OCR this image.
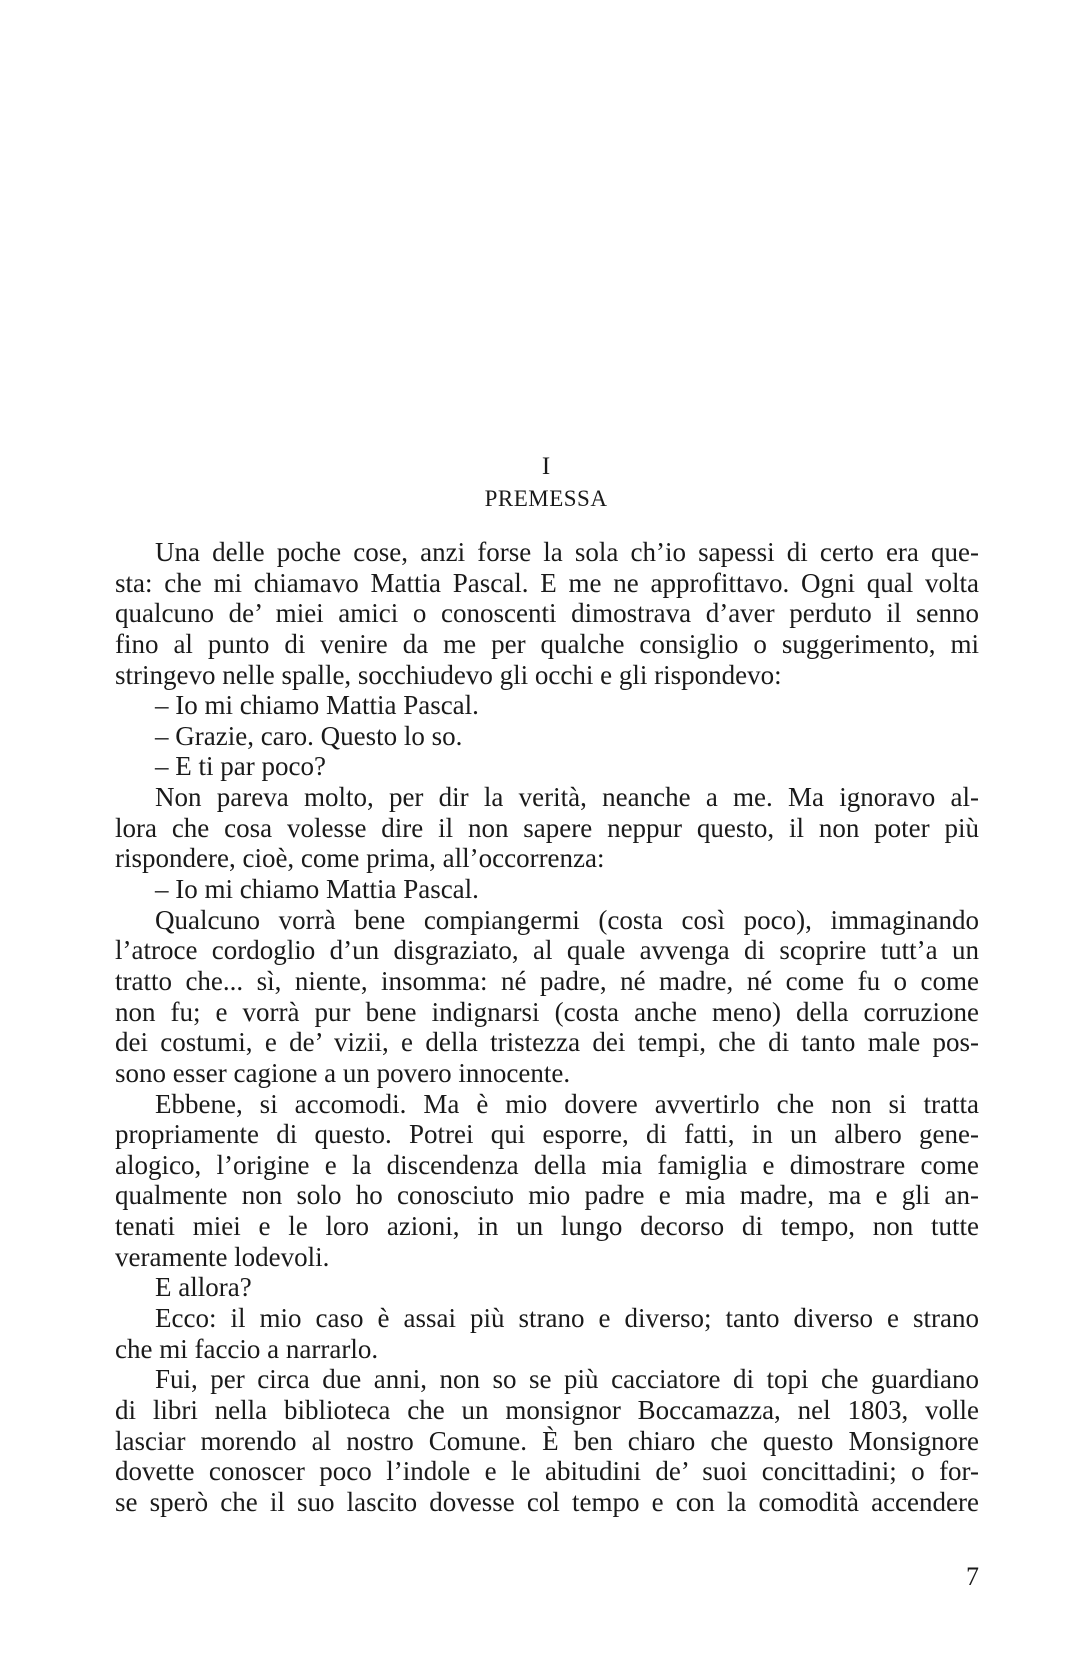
I
PREMESSA
Una delle poche cose, anzi forse la sola ch’io sapessi di certo era que-
sta: che mi chiamavo Mattia Pascal. E me ne approfittavo. Ogni qual volta
qualcuno de’ miei amici o conoscenti dimostrava d’aver perduto il senno
fino al punto di venire da me per qualche consiglio o suggerimento, mi
stringevo nelle spalle, socchiudevo gli occhi e gli rispondevo:
– Io mi chiamo Mattia Pascal.
– Grazie, caro. Questo lo so.
– E ti par poco?
Non pareva molto, per dir la verità, neanche a me. Ma ignoravo al-
lora che cosa volesse dire il non sapere neppur questo, il non poter più
rispondere, cioè, come prima, all’occorrenza:
– Io mi chiamo Mattia Pascal.
Qualcuno vorrà bene compiangermi (costa così poco), immaginando
l’atroce cordoglio d’un disgraziato, al quale avvenga di scoprire tutt’a un
tratto che... sì, niente, insomma: né padre, né madre, né come fu o come
non fu; e vorrà pur bene indignarsi (costa anche meno) della corruzione
dei costumi, e de’ vizii, e della tristezza dei tempi, che di tanto male pos-
sono esser cagione a un povero innocente.
Ebbene, si accomodi. Ma è mio dovere avvertirlo che non si tratta
propriamente di questo. Potrei qui esporre, di fatti, in un albero gene-
alogico, l’origine e la discendenza della mia famiglia e dimostrare come
qualmente non solo ho conosciuto mio padre e mia madre, ma e gli an-
tenati miei e le loro azioni, in un lungo decorso di tempo, non tutte
veramente lodevoli.
E allora?
Ecco: il mio caso è assai più strano e diverso; tanto diverso e strano
che mi faccio a narrarlo.
Fui, per circa due anni, non so se più cacciatore di topi che guardiano
di libri nella biblioteca che un monsignor Boccamazza, nel 1803, volle
lasciar morendo al nostro Comune. È ben chiaro che questo Monsignore
dovette conoscer poco l’indole e le abitudini de’ suoi concittadini; o for-
se sperò che il suo lascito dovesse col tempo e con la comodità accendere
7
